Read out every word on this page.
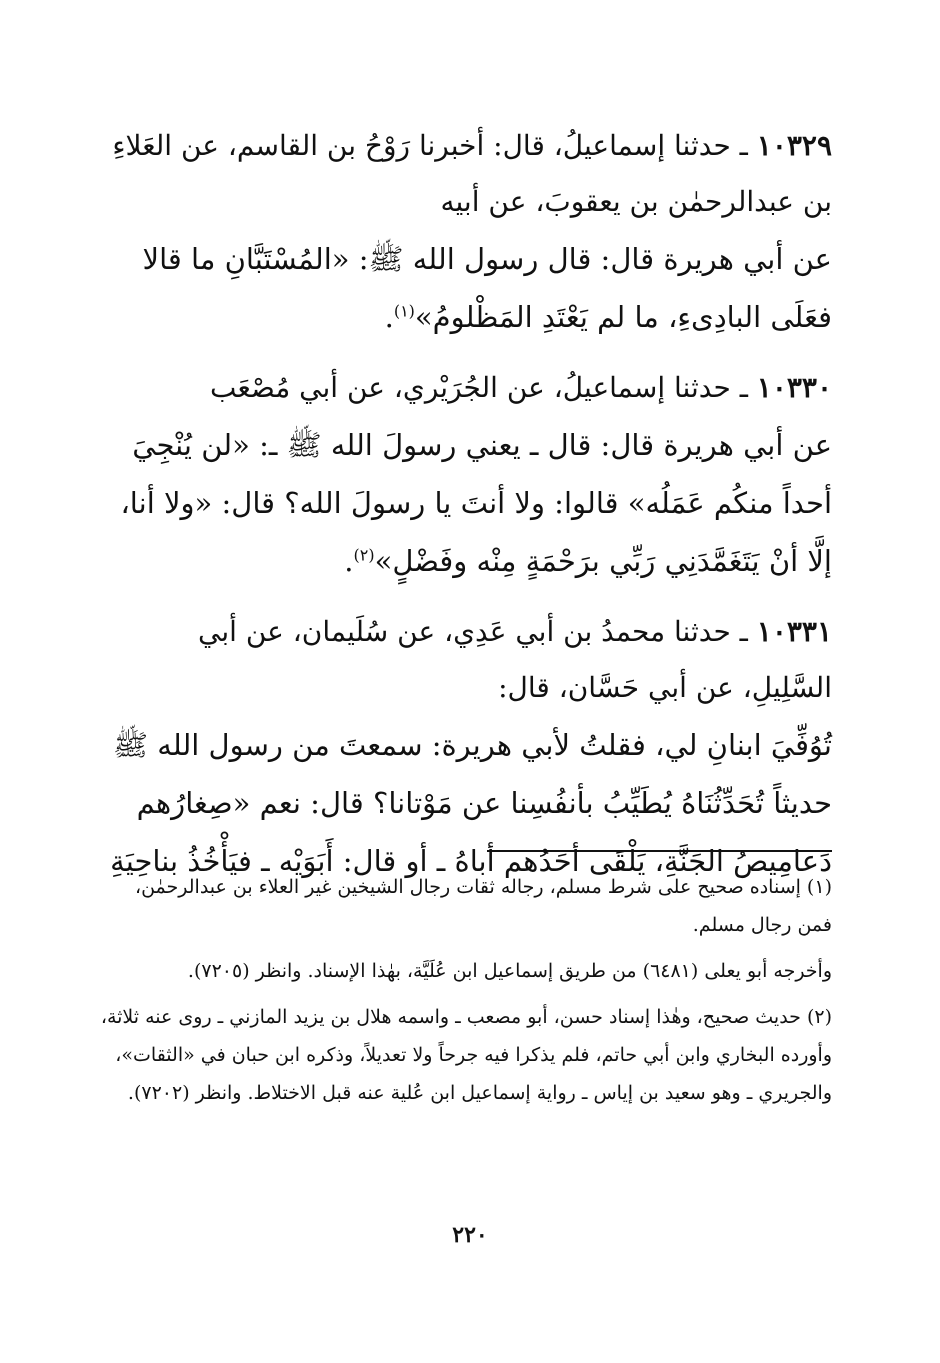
١٠٣٢٩ ـ حدثنا إسماعيلُ، قال: أخبرنا رَوْحُ بن القاسم، عن العَلاءِ بن عبدالرحمٰن بن يعقوبَ، عن أبيه

عن أبي هريرة قال: قال رسول الله ﷺ: «المُسْتَبَّانِ ما قالا فعَلَى البادِىءِ، ما لم يَعْتَدِ المَظْلومُ»$^{(١)}$.

١٠٣٣٠ ـ حدثنا إسماعيلُ، عن الجُرَيْري، عن أبي مُصْعَب

عن أبي هريرة قال: قال ـ يعني رسولَ الله ﷺ ـ: «لن يُنْجِيَ أحداً منكُم عَمَلُه» قالوا: ولا أنتَ يا رسولَ الله؟ قال: «ولا أنا، إلَّا أنْ يَتَغَمَّدَنِي رَبِّي برَحْمَةٍ مِنْه وفَضْلٍ»$^{(٢)}$.

١٠٣٣١ ـ حدثنا محمدُ بن أبي عَدِي، عن سُلَيمان، عن أبي السَّلِيلِ، عن أبي حَسَّان، قال:

تُوُفِّيَ ابنانِ لي، فقلتُ لأبي هريرة: سمعتَ من رسول الله ﷺ حديثاً تُحَدِّثُنَاهُ يُطَيِّبُ بأنفُسِنا عن مَوْتانا؟ قال: نعم «صِغارُهم دَعامِيصُ الجَنَّةِ، يَلْقَى أحَدُهم أباهُ ـ أو قال: أَبَوَيْه ـ فيَأْخُذُ بناحِيَةِ

(١) إسناده صحيح على شرط مسلم، رجاله ثقات رجال الشيخين غير العلاء بن عبدالرحمٰن، فمن رجال مسلم.

وأخرجه أبو يعلى (٦٤٨١) من طريق إسماعيل ابن عُلَيَّة، بهٰذا الإسناد. وانظر (٧٢٠٥).

(٢) حديث صحيح، وهٰذا إسناد حسن، أبو مصعب ـ واسمه هلال بن يزيد المازني ـ روى عنه ثلاثة، وأورده البخاري وابن أبي حاتم، فلم يذكرا فيه جرحاً ولا تعديلاً، وذكره ابن حبان في «الثقات»، والجريري ـ وهو سعيد بن إياس ـ رواية إسماعيل ابن عُلية عنه قبل الاختلاط. وانظر (٧٢٠٢).

٢٢٠
